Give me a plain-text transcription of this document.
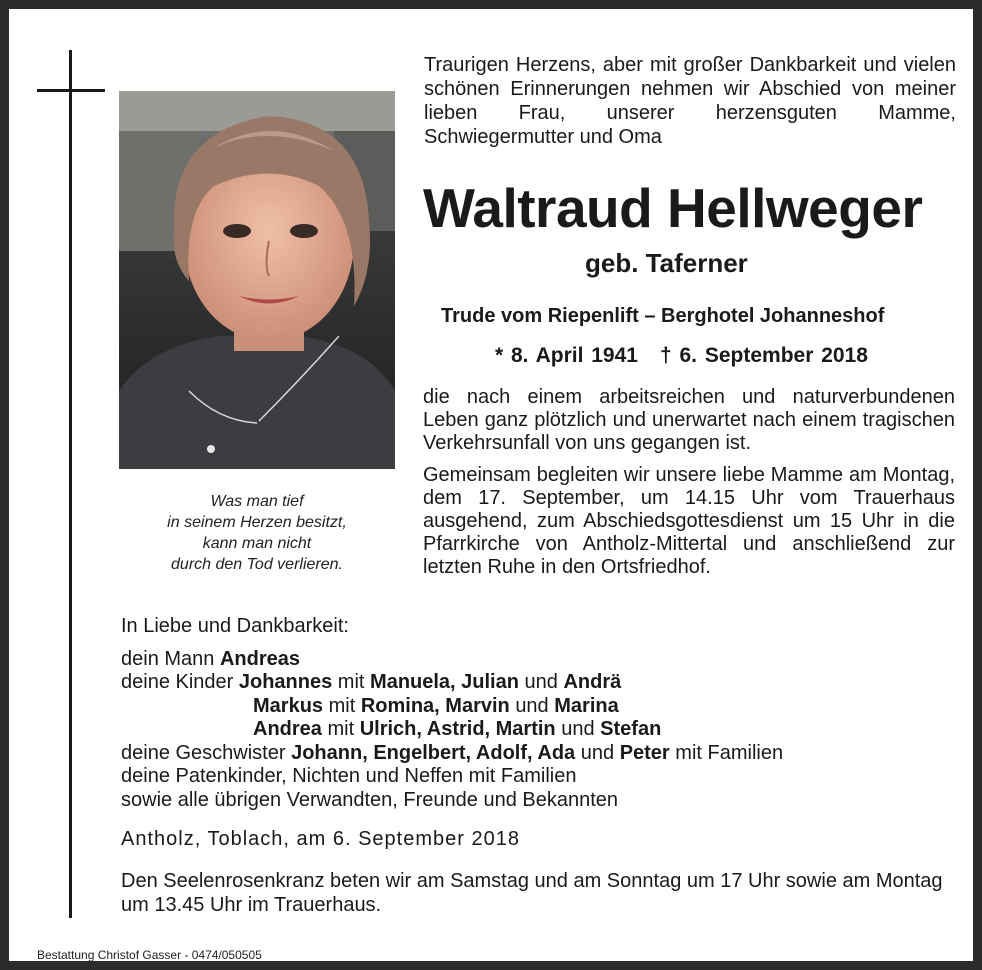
Was man tief
in seinem Herzen besitzt,
kann man nicht
durch den Tod verlieren.
Traurigen Herzens, aber mit großer Dankbarkeit und vielen schönen Erinnerungen nehmen wir Abschied von meiner lieben Frau, unserer herzensguten Mamme, Schwiegermutter und Oma
Waltraud Hellweger
geb. Taferner
Trude vom Riepenlift – Berghotel Johanneshof
* 8. April 1941 † 6. September 2018
die nach einem arbeitsreichen und naturverbundenen Leben ganz plötzlich und unerwartet nach einem tragischen Verkehrsunfall von uns gegangen ist.
Gemeinsam begleiten wir unsere liebe Mamme am Montag, dem 17. September, um 14.15 Uhr vom Trauerhaus ausgehend, zum Abschiedsgottesdienst um 15 Uhr in die Pfarrkirche von Antholz-Mittertal und anschließend zur letzten Ruhe in den Ortsfriedhof.
In Liebe und Dankbarkeit:
dein Mann Andreas
deine Kinder Johannes mit Manuela, Julian und Andrä
Markus mit Romina, Marvin und Marina
Andrea mit Ulrich, Astrid, Martin und Stefan
deine Geschwister Johann, Engelbert, Adolf, Ada und Peter mit Familien
deine Patenkinder, Nichten und Neffen mit Familien
sowie alle übrigen Verwandten, Freunde und Bekannten
Antholz, Toblach, am 6. September 2018
Den Seelenrosenkranz beten wir am Samstag und am Sonntag um 17 Uhr sowie am Montag um 13.45 Uhr im Trauerhaus.
Bestattung Christof Gasser - 0474/050505
